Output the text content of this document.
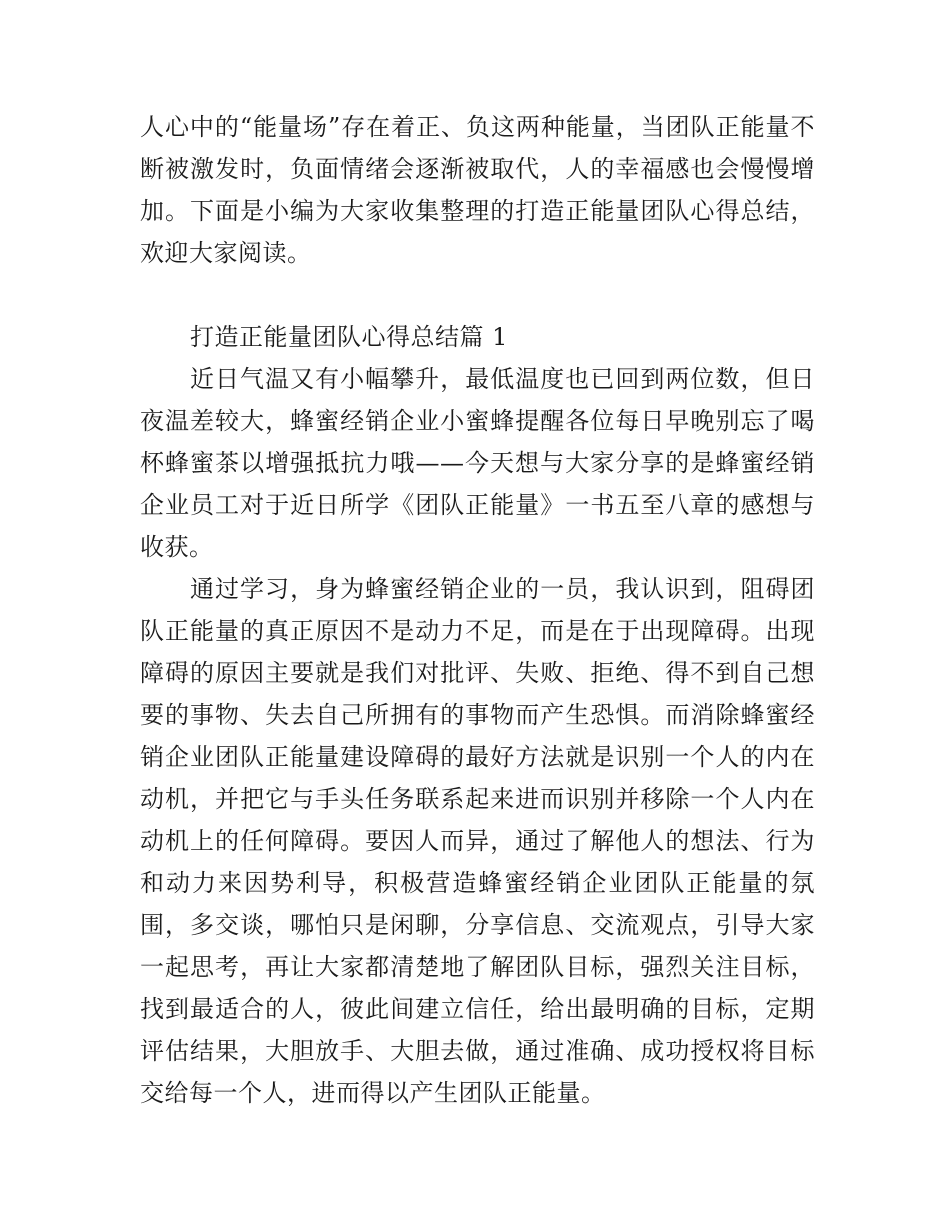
人心中的“能量场”存在着正、负这两种能量，当团队正能量不断被激发时，负面情绪会逐渐被取代，人的幸福感也会慢慢增加。下面是小编为大家收集整理的打造正能量团队心得总结，欢迎大家阅读。

打造正能量团队心得总结篇 1

近日气温又有小幅攀升，最低温度也已回到两位数，但日夜温差较大，蜂蜜经销企业小蜜蜂提醒各位每日早晚别忘了喝杯蜂蜜茶以增强抵抗力哦——今天想与大家分享的是蜂蜜经销企业员工对于近日所学《团队正能量》一书五至八章的感想与收获。

通过学习，身为蜂蜜经销企业的一员，我认识到，阻碍团队正能量的真正原因不是动力不足，而是在于出现障碍。出现障碍的原因主要就是我们对批评、失败、拒绝、得不到自己想要的事物、失去自己所拥有的事物而产生恐惧。而消除蜂蜜经销企业团队正能量建设障碍的最好方法就是识别一个人的内在动机，并把它与手头任务联系起来进而识别并移除一个人内在动机上的任何障碍。要因人而异，通过了解他人的想法、行为和动力来因势利导，积极营造蜂蜜经销企业团队正能量的氛围，多交谈，哪怕只是闲聊，分享信息、交流观点，引导大家一起思考，再让大家都清楚地了解团队目标，强烈关注目标，找到最适合的人，彼此间建立信任，给出最明确的目标，定期评估结果，大胆放手、大胆去做，通过准确、成功授权将目标交给每一个人，进而得以产生团队正能量。
